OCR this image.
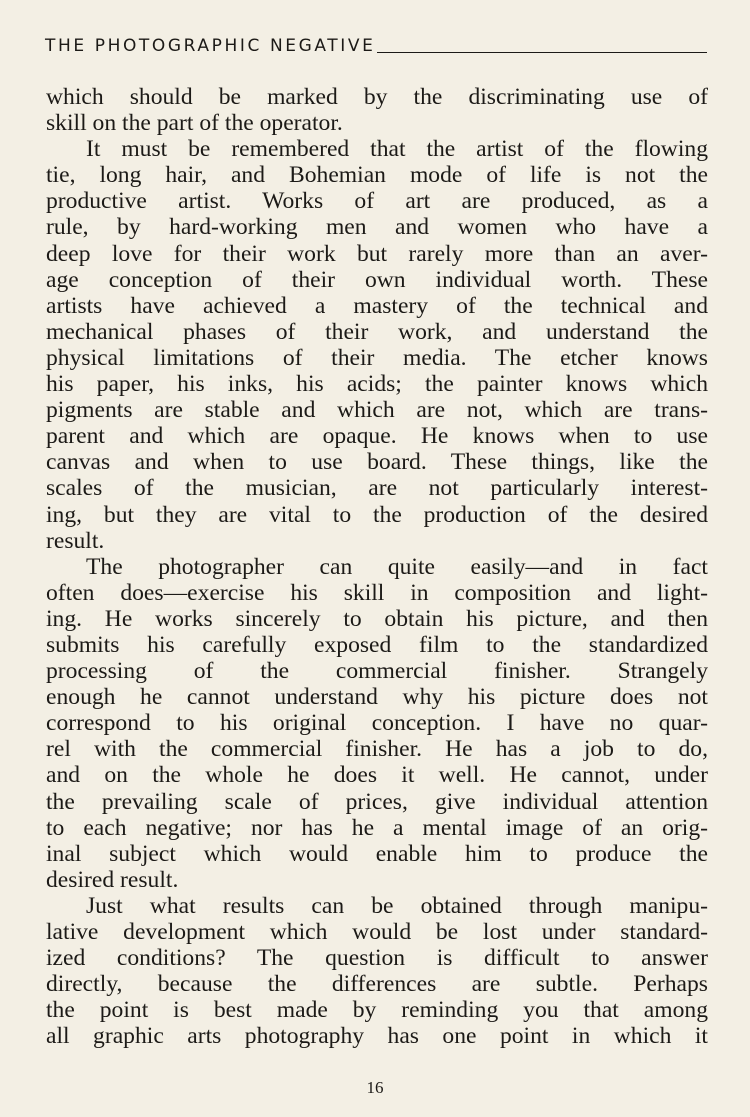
THE PHOTOGRAPHIC NEGATIVE
which should be marked by the discriminating use of
skill on the part of the operator.
It must be remembered that the artist of the flowing
tie, long hair, and Bohemian mode of life is not the
productive artist. Works of art are produced, as a
rule, by hard-working men and women who have a
deep love for their work but rarely more than an aver-
age conception of their own individual worth. These
artists have achieved a mastery of the technical and
mechanical phases of their work, and understand the
physical limitations of their media. The etcher knows
his paper, his inks, his acids; the painter knows which
pigments are stable and which are not, which are trans-
parent and which are opaque. He knows when to use
canvas and when to use board. These things, like the
scales of the musician, are not particularly interest-
ing, but they are vital to the production of the desired
result.
The photographer can quite easily—and in fact
often does—exercise his skill in composition and light-
ing. He works sincerely to obtain his picture, and then
submits his carefully exposed film to the standardized
processing of the commercial finisher. Strangely
enough he cannot understand why his picture does not
correspond to his original conception. I have no quar-
rel with the commercial finisher. He has a job to do,
and on the whole he does it well. He cannot, under
the prevailing scale of prices, give individual attention
to each negative; nor has he a mental image of an orig-
inal subject which would enable him to produce the
desired result.
Just what results can be obtained through manipu-
lative development which would be lost under standard-
ized conditions? The question is difficult to answer
directly, because the differences are subtle. Perhaps
the point is best made by reminding you that among
all graphic arts photography has one point in which it
16
